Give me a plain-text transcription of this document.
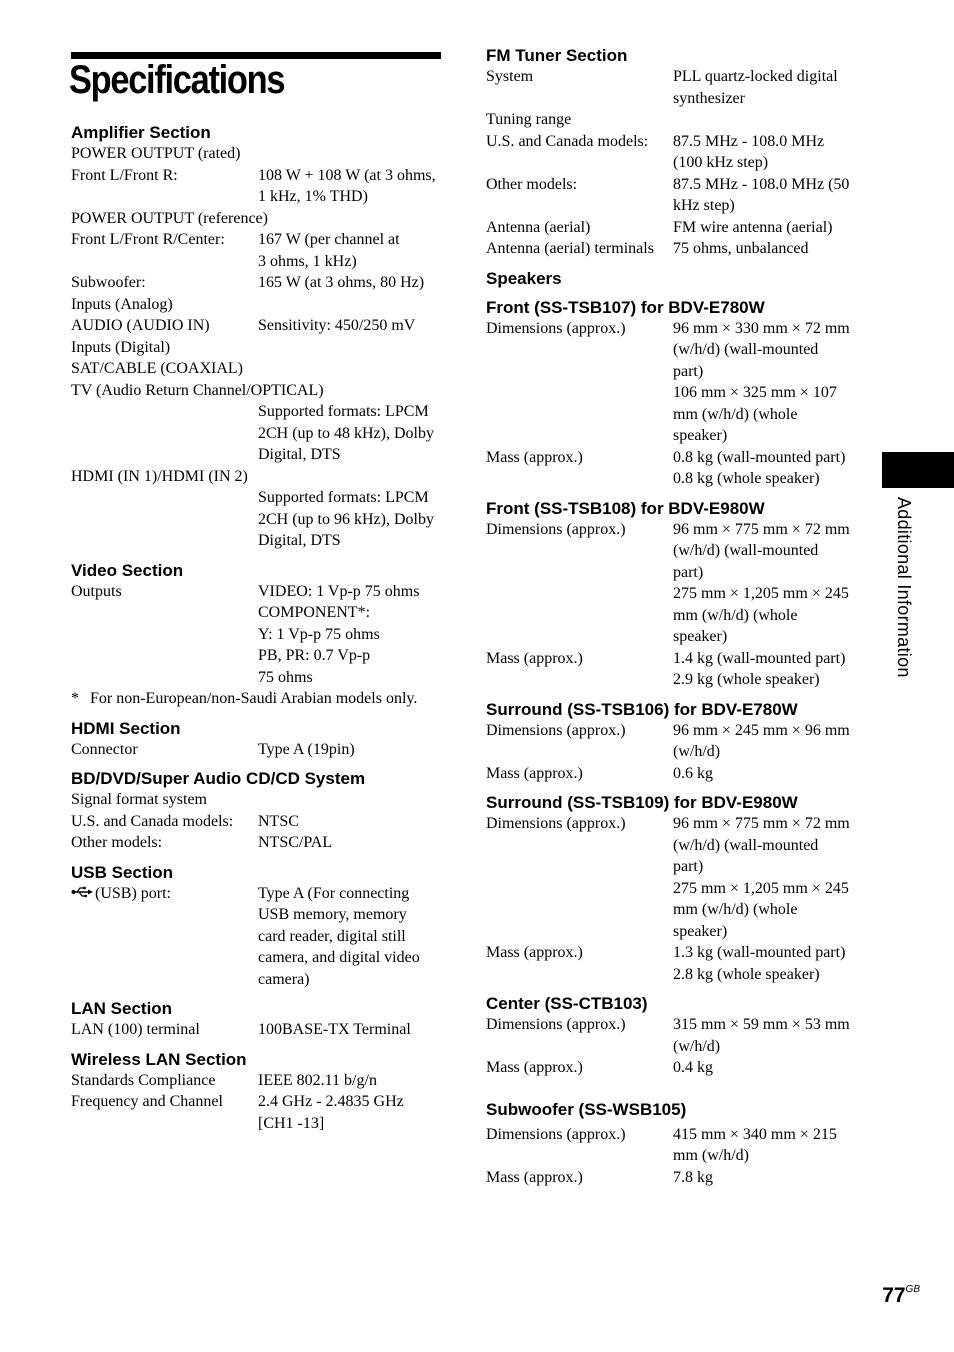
Specifications
Amplifier Section
POWER OUTPUT (rated)
Front L/Front R:	108 W + 108 W (at 3 ohms,
1 kHz, 1% THD)
POWER OUTPUT (reference)
Front L/Front R/Center:	167 W (per channel at
3 ohms, 1 kHz)
Subwoofer:	165 W (at 3 ohms, 80 Hz)
Inputs (Analog)
AUDIO (AUDIO IN)	Sensitivity: 450/250 mV
Inputs (Digital)
SAT/CABLE (COAXIAL)
TV (Audio Return Channel/OPTICAL)
Supported formats: LPCM
2CH (up to 48 kHz), Dolby
Digital, DTS
HDMI (IN 1)/HDMI (IN 2)
Supported formats: LPCM
2CH (up to 96 kHz), Dolby
Digital, DTS
Video Section
Outputs	VIDEO: 1 Vp-p 75 ohms
COMPONENT*:
Y: 1 Vp-p 75 ohms
PB, PR: 0.7 Vp-p
75 ohms
* For non-European/non-Saudi Arabian models only.
HDMI Section
Connector	Type A (19pin)
BD/DVD/Super Audio CD/CD System
Signal format system
U.S. and Canada models:	NTSC
Other models:	NTSC/PAL
USB Section
(USB) port:	Type A (For connecting
USB memory, memory
card reader, digital still
camera, and digital video
camera)
LAN Section
LAN (100) terminal	100BASE-TX Terminal
Wireless LAN Section
Standards Compliance	IEEE 802.11 b/g/n
Frequency and Channel	2.4 GHz - 2.4835 GHz
[CH1 -13]
FM Tuner Section
System	PLL quartz-locked digital
synthesizer
Tuning range
U.S. and Canada models:	87.5 MHz - 108.0 MHz
(100 kHz step)
Other models:	87.5 MHz - 108.0 MHz (50
kHz step)
Antenna (aerial)	FM wire antenna (aerial)
Antenna (aerial) terminals	75 ohms, unbalanced
Speakers
Front (SS-TSB107) for BDV-E780W
Dimensions (approx.)	96 mm × 330 mm × 72 mm
(w/h/d) (wall-mounted
part)
106 mm × 325 mm × 107
mm (w/h/d) (whole
speaker)
Mass (approx.)	0.8 kg (wall-mounted part)
0.8 kg (whole speaker)
Front (SS-TSB108) for BDV-E980W
Dimensions (approx.)	96 mm × 775 mm × 72 mm
(w/h/d) (wall-mounted
part)
275 mm × 1,205 mm × 245
mm (w/h/d) (whole
speaker)
Mass (approx.)	1.4 kg (wall-mounted part)
2.9 kg (whole speaker)
Surround (SS-TSB106) for BDV-E780W
Dimensions (approx.)	96 mm × 245 mm × 96 mm
(w/h/d)
Mass (approx.)	0.6 kg
Surround (SS-TSB109) for BDV-E980W
Dimensions (approx.)	96 mm × 775 mm × 72 mm
(w/h/d) (wall-mounted
part)
275 mm × 1,205 mm × 245
mm (w/h/d) (whole
speaker)
Mass (approx.)	1.3 kg (wall-mounted part)
2.8 kg (whole speaker)
Center (SS-CTB103)
Dimensions (approx.)	315 mm × 59 mm × 53 mm
(w/h/d)
Mass (approx.)	0.4 kg
Subwoofer (SS-WSB105)
Dimensions (approx.)	415 mm × 340 mm × 215
mm (w/h/d)
Mass (approx.)	7.8 kg
Additional Information
$77^{GB}$
